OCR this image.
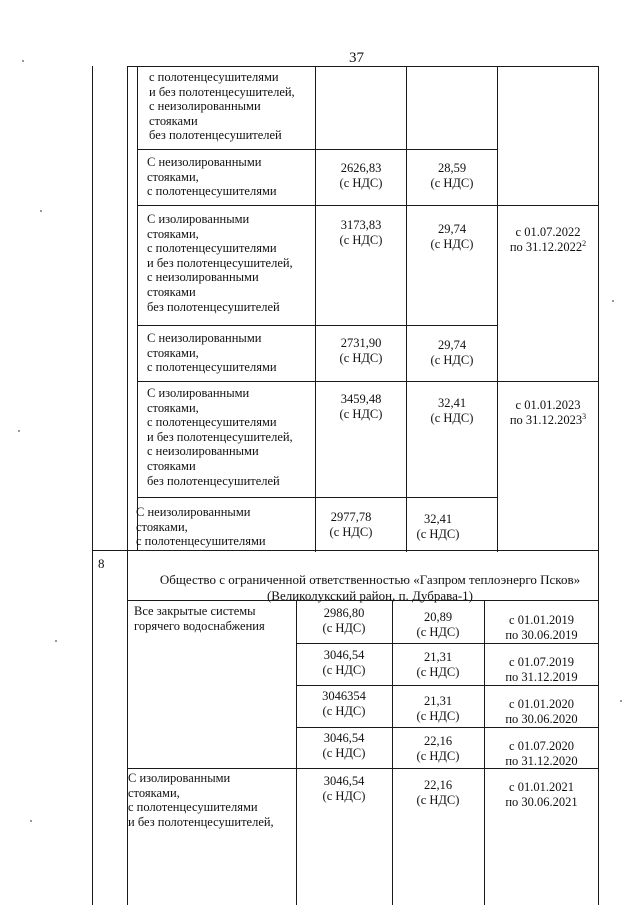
37
с полотенцесушителями
и без полотенцесушителей,
с неизолированными
стояками
без полотенцесушителей
С неизолированными
стояками,
с полотенцесушителями
2626,83
(с НДС)
28,59
(с НДС)
С изолированными
стояками,
с полотенцесушителями
и без полотенцесушителей,
с неизолированными
стояками
без полотенцесушителей
3173,83
(с НДС)
29,74
(с НДС)
с 01.07.2022
по 31.12.2022$^2$
С неизолированными
стояками,
с полотенцесушителями
2731,90
(с НДС)
29,74
(с НДС)
С изолированными
стояками,
с полотенцесушителями
и без полотенцесушителей,
с неизолированными
стояками
без полотенцесушителей
3459,48
(с НДС)
32,41
(с НДС)
с 01.01.2023
по 31.12.2023$^3$
С неизолированными
стояками,
с полотенцесушителями
2977,78
(с НДС)
32,41
(с НДС)
8
Общество с ограниченной ответственностью «Газпром теплоэнерго Псков»
(Великолукский район, п. Дубрава-1)
Все закрытые системы
горячего водоснабжения
2986,80
(с НДС)
20,89
(с НДС)
с 01.01.2019
по 30.06.2019
3046,54
(с НДС)
21,31
(с НДС)
с 01.07.2019
по 31.12.2019
3046354
(с НДС)
21,31
(с НДС)
с 01.01.2020
по 30.06.2020
3046,54
(с НДС)
22,16
(с НДС)
с 01.07.2020
по 31.12.2020
С изолированными
стояками,
с полотенцесушителями
и без полотенцесушителей,
3046,54
(с НДС)
22,16
(с НДС)
с 01.01.2021
по 30.06.2021
